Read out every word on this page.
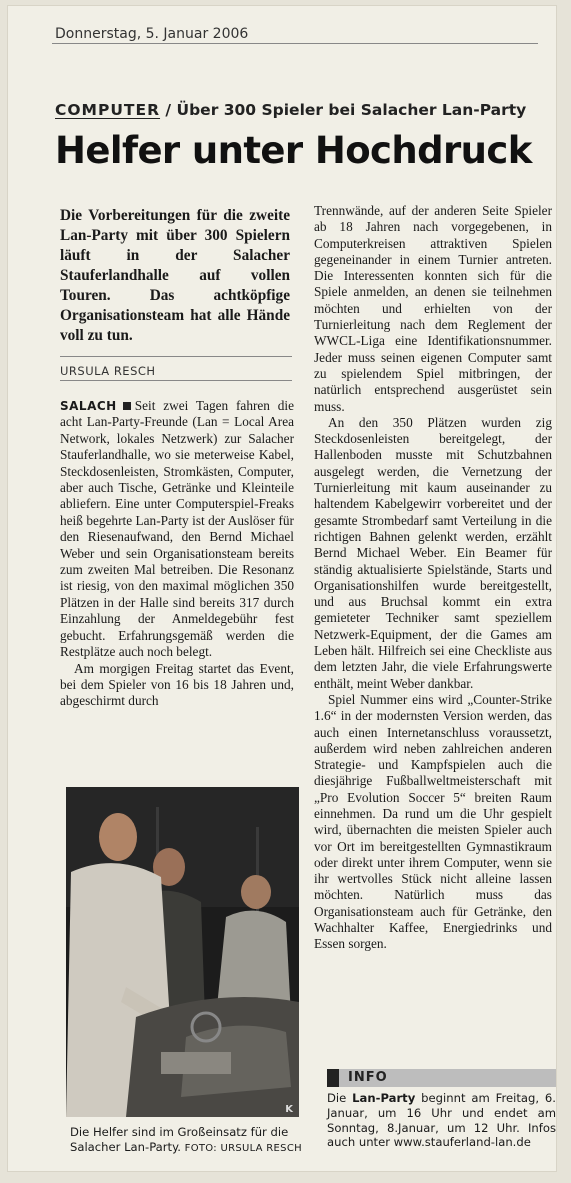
Donnerstag, 5. Januar 2006
COMPUTER / Über 300 Spieler bei Salacher Lan-Party
Helfer unter Hochdruck
Die Vorbereitungen für die zweite Lan-Party mit über 300 Spielern läuft in der Salacher Stauferlandhalle auf vollen Touren. Das achtköpfige Organisationsteam hat alle Hände voll zu tun.
URSULA RESCH

SALACH Seit zwei Tagen fahren die acht Lan-Party-Freunde (Lan = Local Area Network, lokales Netzwerk) zur Salacher Stauferlandhalle, wo sie meterweise Kabel, Steckdosenleisten, Stromkästen, Computer, aber auch Tische, Getränke und Kleinteile abliefern. Eine unter Computerspiel-Freaks heiß begehrte Lan-Party ist der Auslöser für den Riesenaufwand, den Bernd Michael Weber und sein Organisationsteam bereits zum zweiten Mal betreiben. Die Resonanz ist riesig, von den maximal möglichen 350 Plätzen in der Halle sind bereits 317 durch Einzahlung der Anmeldegebühr fest gebucht. Erfahrungsgemäß werden die Restplätze auch noch belegt.

Am morgigen Freitag startet das Event, bei dem Spieler von 16 bis 18 Jahren und, abgeschirmt durch

Trennwände, auf der anderen Seite Spieler ab 18 Jahren nach vorgegebenen, in Computerkreisen attraktiven Spielen gegeneinander in einem Turnier antreten. Die Interessenten konnten sich für die Spiele anmelden, an denen sie teilnehmen möchten und erhielten von der Turnierleitung nach dem Reglement der WWCL-Liga eine Identifikationsnummer. Jeder muss seinen eigenen Computer samt zu spielendem Spiel mitbringen, der natürlich entsprechend ausgerüstet sein muss.

An den 350 Plätzen wurden zig Steckdosenleisten bereitgelegt, der Hallenboden musste mit Schutzbahnen ausgelegt werden, die Vernetzung der Turnierleitung mit kaum auseinander zu haltendem Kabelgewirr vorbereitet und der gesamte Strombedarf samt Verteilung in die richtigen Bahnen gelenkt werden, erzählt Bernd Michael Weber. Ein Beamer für ständig aktualisierte Spielstände, Starts und Organisationshilfen wurde bereitgestellt, und aus Bruchsal kommt ein extra gemieteter Techniker samt speziellem Netzwerk-Equipment, der die Games am Leben hält. Hilfreich sei eine Checkliste aus dem letzten Jahr, die viele Erfahrungswerte enthält, meint Weber dankbar.

Spiel Nummer eins wird „Counter-Strike 1.6“ in der modernsten Version werden, das auch einen Internetanschluss voraussetzt, außerdem wird neben zahlreichen anderen Strategie- und Kampfspielen auch die diesjährige Fußballweltmeisterschaft mit „Pro Evolution Soccer 5“ breiten Raum einnehmen. Da rund um die Uhr gespielt wird, übernachten die meisten Spieler auch vor Ort im bereitgestellten Gymnastikraum oder direkt unter ihrem Computer, wenn sie ihr wertvolles Stück nicht alleine lassen möchten. Natürlich muss das Organisationsteam auch für Getränke, den Wachhalter Kaffee, Energiedrinks und Essen sorgen.

K
Die Helfer sind im Großeinsatz für die Salacher Lan-Party. FOTO: URSULA RESCH
INFO
Die Lan-Party beginnt am Freitag, 6. Januar, um 16 Uhr und endet am Sonntag, 8.Januar, um 12 Uhr. Infos auch unter www.stauferland-lan.de
